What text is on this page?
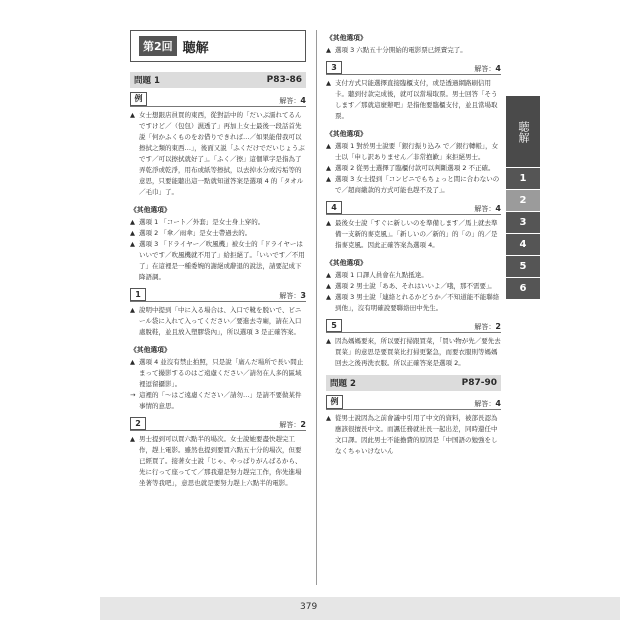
第2回 聴解
問題 1	P83-86
例	解答：4

▲ 女士想跟店員買的東西，從對話中的「だいぶ濡れてるんですけど／（包包）濕透了」再加上女士最後一段話首先説「何かふくものをお借りできれば…／如果能借我可以擦拭之類的東西…」，後面又説「ふくだけでだいじょうぶです／可以擦拭就好了」。「ふく／擦」這個單字是指為了弄乾淨或乾淨，用布或紙等擦拭，以去掉水分或污垢等的意思，只要能聽出這一點就知道答案是選項 4 的「タオル／毛巾」了。

《其他選項》

▲ 選項 1 「コート／外套」是女士身上穿的。

▲ 選項 2 「傘／雨傘」是女士帶過去的。

▲ 選項 3 「ドライヤー／吹風機」被女士的「ドライヤーはいいです／吹風機就不用了」給拒絕了。「いいです／不用了」在這裡是一種委婉的謝絕或辭退的說法，請要記成下降語調。

1	解答：3

▲ 說明中提到「中に入る場合は、入口で靴を脱いで、ビニール袋に入れて入ってください／要進去寺廟，請在入口處脫鞋，並且放入塑膠袋內」，所以選項 3 是正確答案。

《其他選項》

▲ 選項 4 並沒有禁止拍照，只是說「廣んだ場所で長い間止まって撮影するのはご遠慮ください／請勿在人多的區域裡逗留攝影」。

→ 這裡的「～はご遠慮ください／請勿…」是請不要做某件事情的意思。

2	解答：2

▲ 男士提到可以買六點半的場次。女士說她要盡快趕完工作，趕上電影。雖然也提到要買六點五十分的場次，但要已經買了。接著女士說「じゃ、やっぱりがんばるから、先に行って座ってて／那我還是努力趕完工作，你先進場坐著等我吧」，意思也就是要努力趕上六點半的電影。

《其他選項》

▲ 選項 3 六點五十分開始的電影票已經賣完了。

3	解答：4

▲ 支付方式只能選擇直接臨櫃支付，或是透過網路刷信用卡。聽到付款完成後，就可以當場取票。男士回答「そうします／那就這麼辦吧」是指他要臨櫃支付，並且當場取票。

《其他選項》

▲ 選項 1 對於男士說要「銀行振り込み で／銀行轉帳」，女士以「申し訳ありません／非常抱歉」來拒絕男士。

▲ 選項 2 從男士選擇了臨櫃付款可以判斷選項 2 不正確。

▲ 選項 3 女士提到「コンビニでもちょっと間に合わないので／超商繳款的方式可能也趕不及了」。

4	解答：4

▲ 最後女士說「すぐに新しいのを準備します／馬上就去準備一支新的麥克風」。「新しいの／新的」的「の」的／是指麥克風。因此正確答案為選項 4。

《其他選項》

▲ 選項 1 口譯人員會在九點抵達。

▲ 選項 2 男士說「ああ、それはいいよ／哦，那不需要」。

▲ 選項 3 男士說「連絡とれるかどうか／不知道能不能聯絡到他」，沒有明確說要聯絡田中先生。

5	解答：2

▲ 因為媽媽要來，所以要打掃跟買菜，「買い物が先／要先去買菜」的意思是要買菜比打掃更緊急，而要衣服則等媽媽回去之後再洗衣服。所以正確答案是選項 2。

問題 2	P87-90
例	解答：4

▲ 從男士說因為之前會議中引用了中文的資料，被部長認為應該很擅長中文。而諷任務就社長一起出差，同時還任中文口譯。因此男士不能擔費的原因是「中国語の勉強をしなくちゃいけないん

聴解
1
2
3
4
5
6
379
